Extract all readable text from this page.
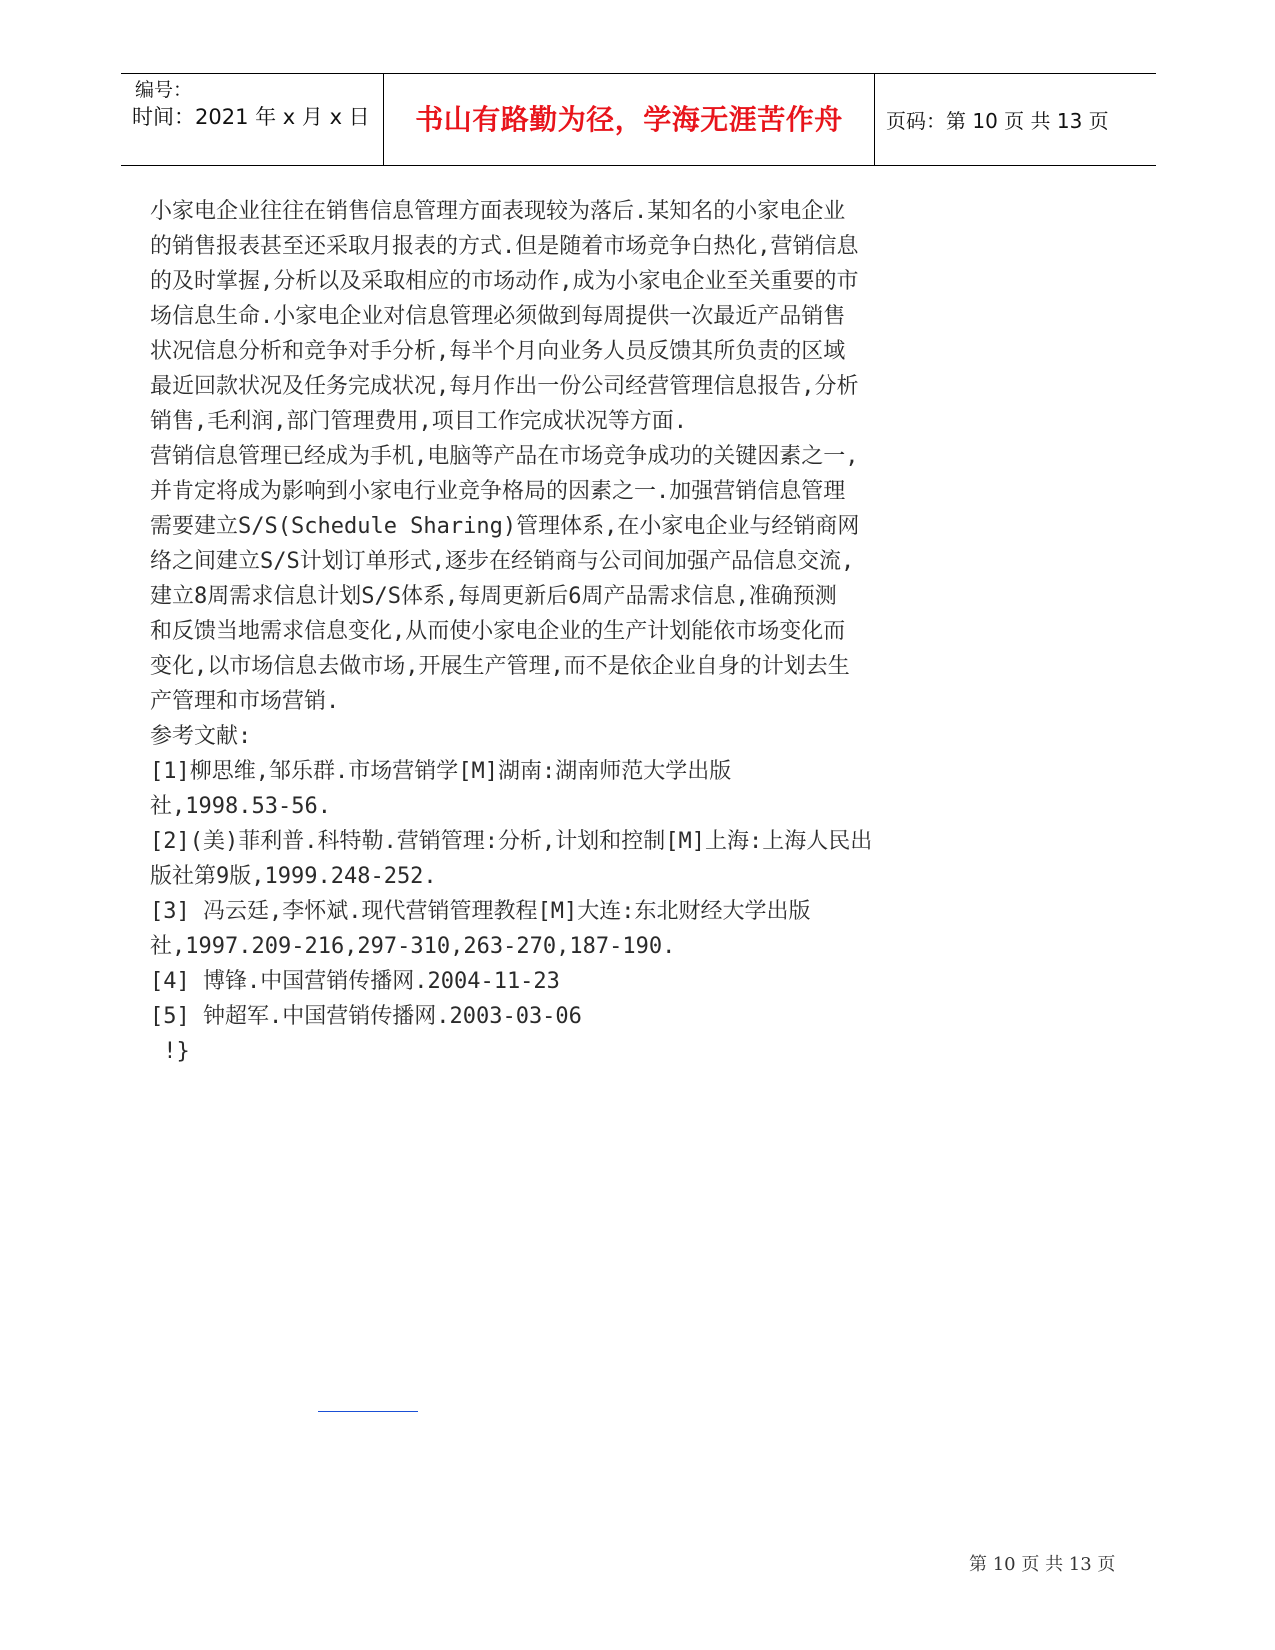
编号：
时间：2021 年 x 月 x 日	书山有路勤为径，学海无涯苦作舟	页码：第 10 页 共 13 页
小家电企业往往在销售信息管理方面表现较为落后.某知名的小家电企业
的销售报表甚至还采取月报表的方式.但是随着市场竞争白热化,营销信息
的及时掌握,分析以及采取相应的市场动作,成为小家电企业至关重要的市
场信息生命.小家电企业对信息管理必须做到每周提供一次最近产品销售
状况信息分析和竞争对手分析,每半个月向业务人员反馈其所负责的区域
最近回款状况及任务完成状况,每月作出一份公司经营管理信息报告,分析
销售,毛利润,部门管理费用,项目工作完成状况等方面.
营销信息管理已经成为手机,电脑等产品在市场竞争成功的关键因素之一,
并肯定将成为影响到小家电行业竞争格局的因素之一.加强营销信息管理
需要建立S/S(Schedule Sharing)管理体系,在小家电企业与经销商网
络之间建立S/S计划订单形式,逐步在经销商与公司间加强产品信息交流,
建立8周需求信息计划S/S体系,每周更新后6周产品需求信息,准确预测
和反馈当地需求信息变化,从而使小家电企业的生产计划能依市场变化而
变化,以市场信息去做市场,开展生产管理,而不是依企业自身的计划去生
产管理和市场营销.
参考文献:
[1]柳思维,邹乐群.市场营销学[M]湖南:湖南师范大学出版
社,1998.53-56.
[2](美)菲利普.科特勒.营销管理:分析,计划和控制[M]上海:上海人民出
版社第9版,1999.248-252.
[3] 冯云廷,李怀斌.现代营销管理教程[M]大连:东北财经大学出版
社,1997.209-216,297-310,263-270,187-190.
[4] 博锋.中国营销传播网.2004-11-23
[5] 钟超军.中国营销传播网.2003-03-06
!}
第 10 页 共 13 页
